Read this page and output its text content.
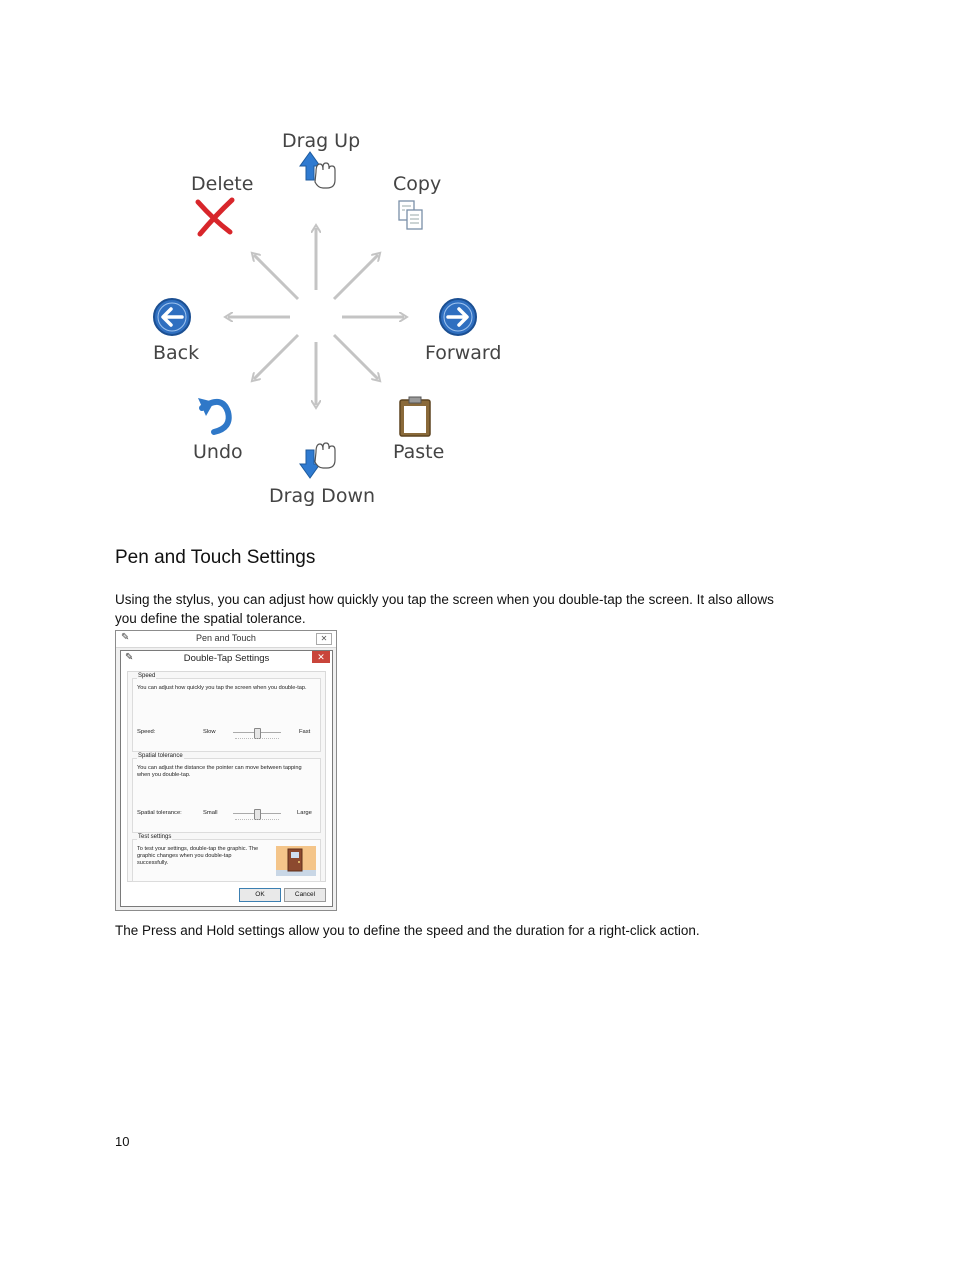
Drag Up
Delete	Copy
Back	Forward
Undo	Paste
Drag Down
Pen and Touch Settings

Using the stylus, you can adjust how quickly you tap the screen when you double-tap the screen. It also allows you define the spatial tolerance.

✎	Pen and Touch	✕
✎	Double-Tap Settings	✕
Speed
You can adjust how quickly you tap the screen when you double-tap.
Speed:	Slow	Fast
Spatial tolerance
You can adjust the distance the pointer can move between tapping when you double-tap.
Spatial tolerance:	Small	Large
Test settings
To test your settings, double-tap the graphic. The graphic changes when you double-tap successfully.
OK	Cancel

The Press and Hold settings allow you to define the speed and the duration for a right-click action.

10
